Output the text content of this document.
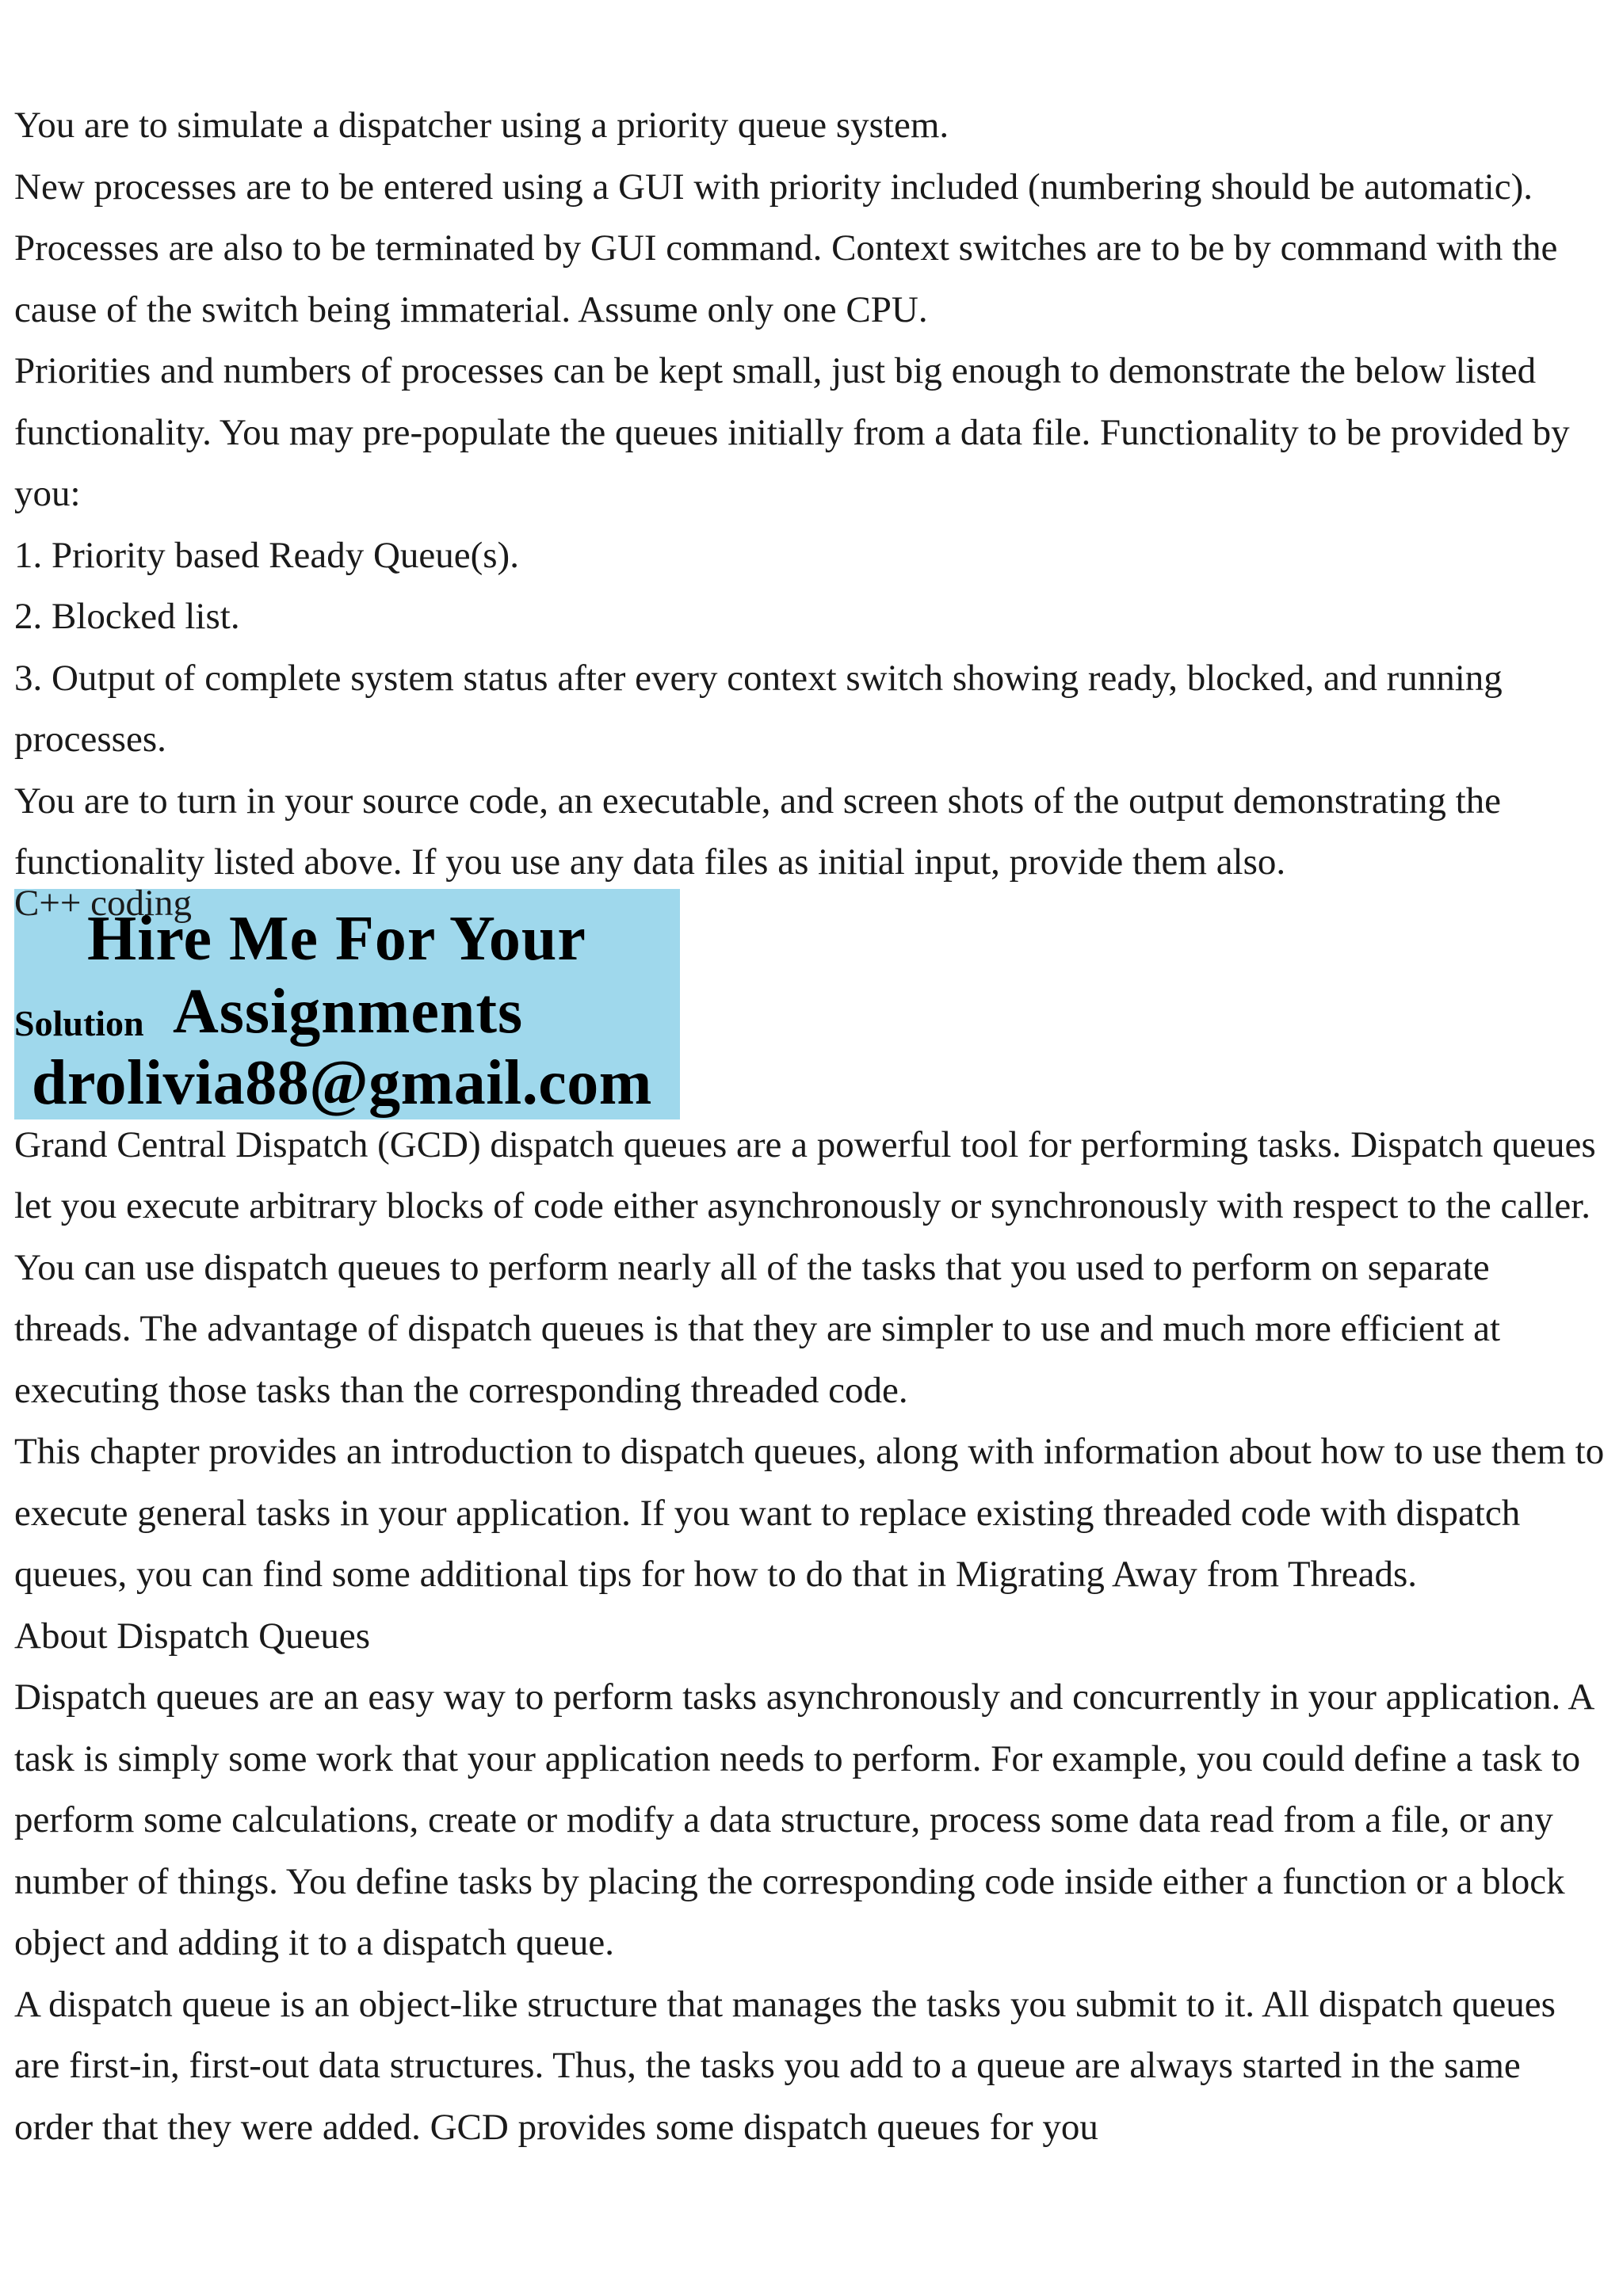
You are to simulate a dispatcher using a priority queue system.

New processes are to be entered using a GUI with priority included (numbering should be automatic). Processes are also to be terminated by GUI command. Context switches are to be by command with the cause of the switch being immaterial. Assume only one CPU.

Priorities and numbers of processes can be kept small, just big enough to demonstrate the below listed functionality. You may pre-populate the queues initially from a data file. Functionality to be provided by you:

1. Priority based Ready Queue(s).

2. Blocked list.

3. Output of complete system status after every context switch showing ready, blocked, and running processes.

You are to turn in your source code, an executable, and screen shots of the output demonstrating the functionality listed above. If you use any data files as initial input, provide them also.

C++ coding
Hire Me For Your
Solution Assignments
drolivia88@gmail.com

Grand Central Dispatch (GCD) dispatch queues are a powerful tool for performing tasks. Dispatch queues let you execute arbitrary blocks of code either asynchronously or synchronously with respect to the caller. You can use dispatch queues to perform nearly all of the tasks that you used to perform on separate threads. The advantage of dispatch queues is that they are simpler to use and much more efficient at executing those tasks than the corresponding threaded code.

This chapter provides an introduction to dispatch queues, along with information about how to use them to execute general tasks in your application. If you want to replace existing threaded code with dispatch queues, you can find some additional tips for how to do that in Migrating Away from Threads.

About Dispatch Queues

Dispatch queues are an easy way to perform tasks asynchronously and concurrently in your application. A task is simply some work that your application needs to perform. For example, you could define a task to perform some calculations, create or modify a data structure, process some data read from a file, or any number of things. You define tasks by placing the corresponding code inside either a function or a block object and adding it to a dispatch queue.

A dispatch queue is an object-like structure that manages the tasks you submit to it. All dispatch queues are first-in, first-out data structures. Thus, the tasks you add to a queue are always started in the same order that they were added. GCD provides some dispatch queues for you
